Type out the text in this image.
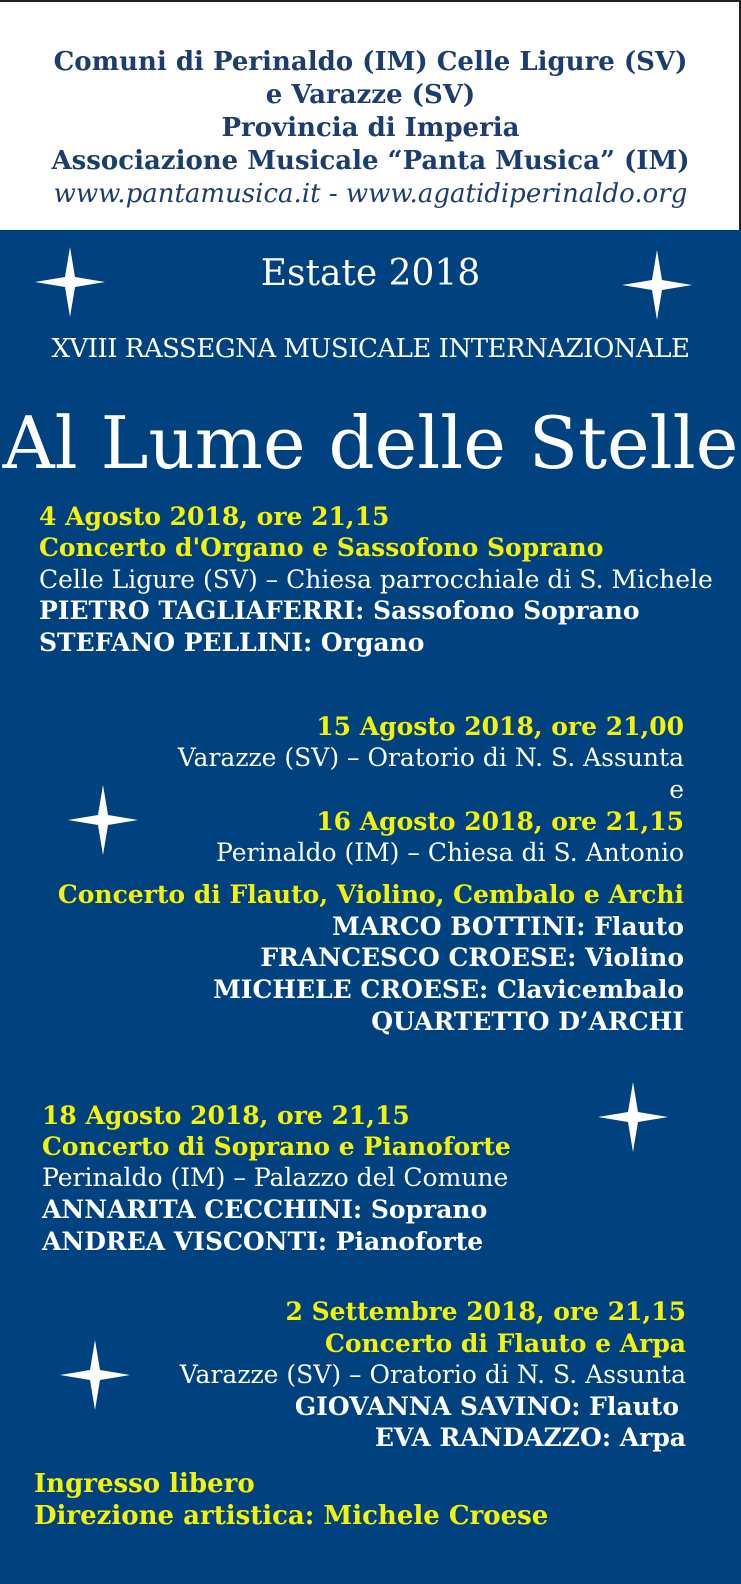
Comuni di Perinaldo (IM) Celle Ligure (SV)
e Varazze (SV)
Provincia di Imperia
Associazione Musicale “Panta Musica” (IM)
www.pantamusica.it - www.agatidiperinaldo.org
Estate 2018
XVIII RASSEGNA MUSICALE INTERNAZIONALE
Al Lume delle Stelle
4 Agosto 2018, ore 21,15
Concerto d'Organo e Sassofono Soprano
Celle Ligure (SV) – Chiesa parrocchiale di S. Michele
PIETRO TAGLIAFERRI: Sassofono Soprano
STEFANO PELLINI: Organo
15 Agosto 2018, ore 21,00
Varazze (SV) – Oratorio di N. S. Assunta
e
16 Agosto 2018, ore 21,15
Perinaldo (IM) – Chiesa di S. Antonio
Concerto di Flauto, Violino, Cembalo e Archi
MARCO BOTTINI: Flauto
FRANCESCO CROESE: Violino
MICHELE CROESE: Clavicembalo
QUARTETTO D’ARCHI
18 Agosto 2018, ore 21,15
Concerto di Soprano e Pianoforte
Perinaldo (IM) – Palazzo del Comune
ANNARITA CECCHINI: Soprano
ANDREA VISCONTI: Pianoforte
2 Settembre 2018, ore 21,15
Concerto di Flauto e Arpa
Varazze (SV) – Oratorio di N. S. Assunta
GIOVANNA SAVINO: Flauto
EVA RANDAZZO: Arpa
Ingresso libero
Direzione artistica: Michele Croese
